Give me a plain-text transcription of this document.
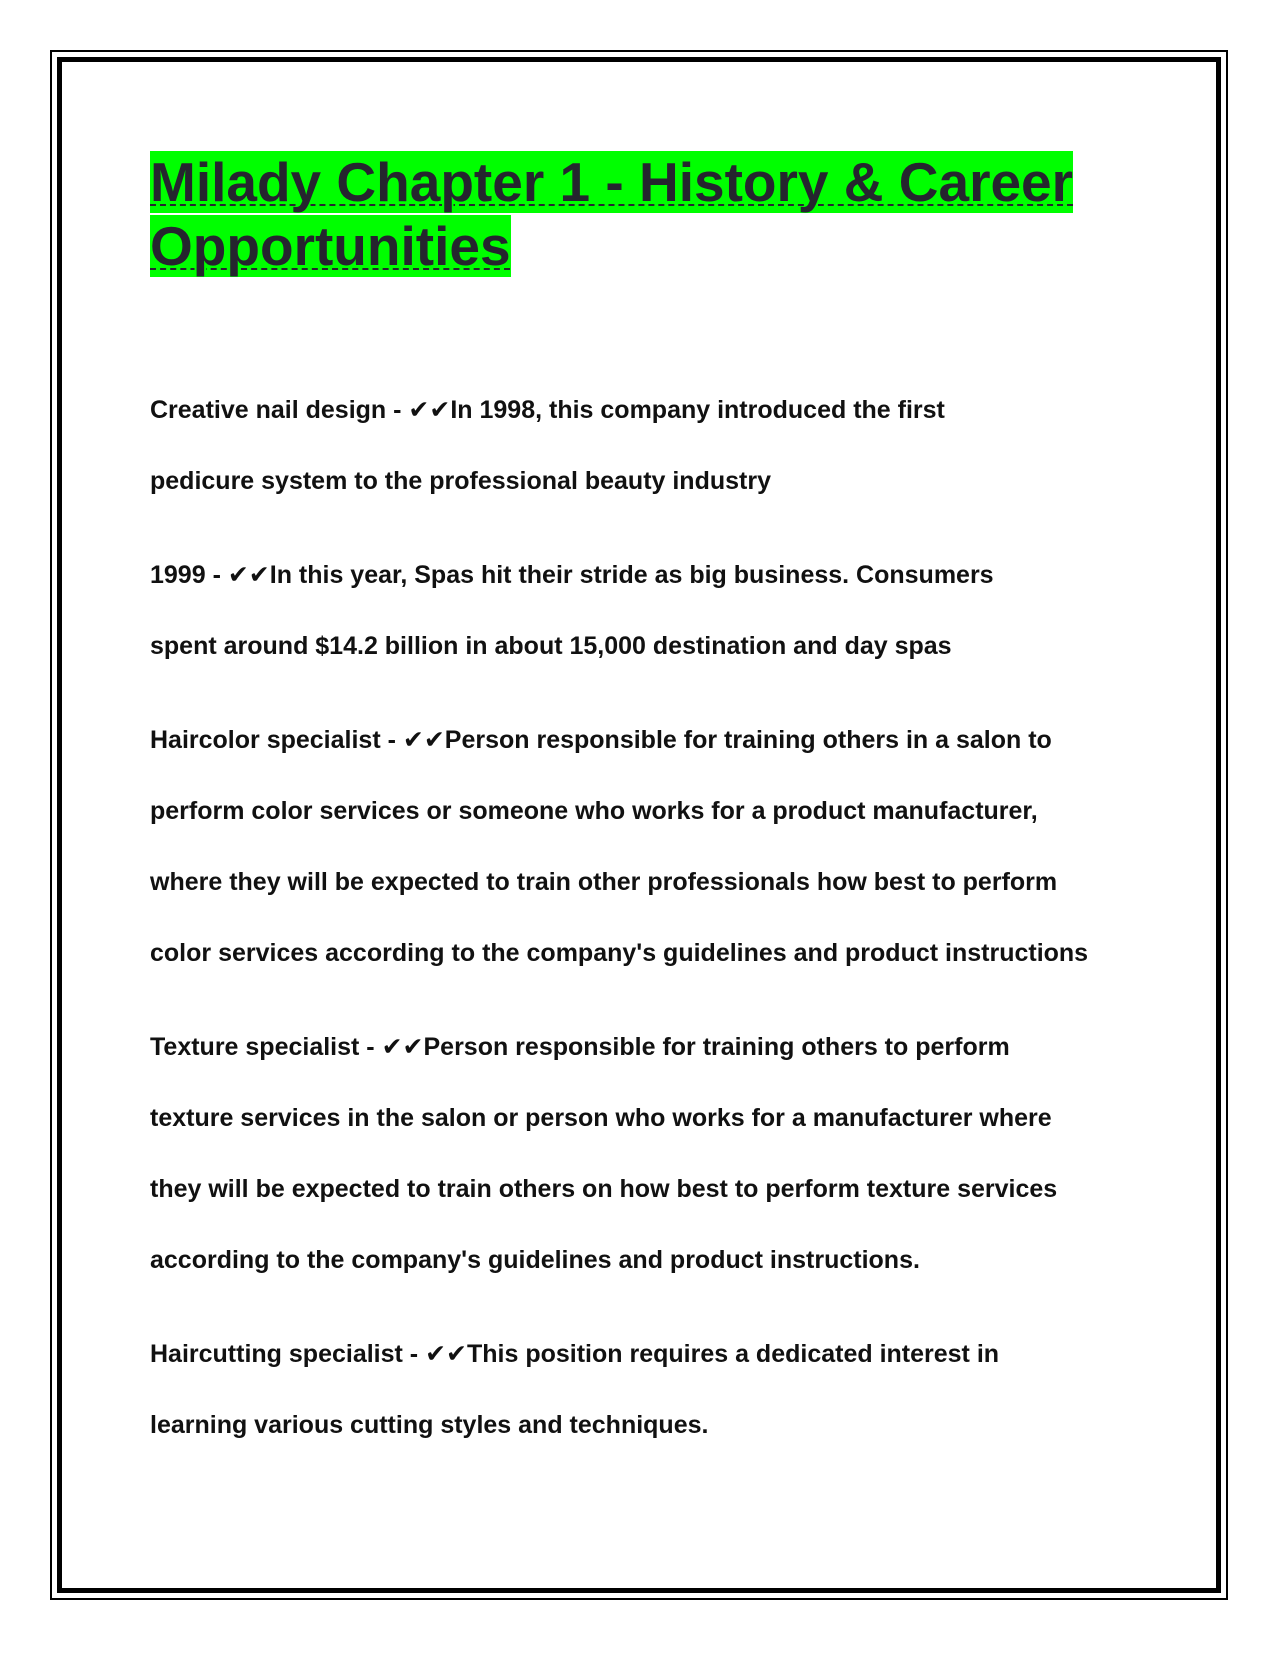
Milady Chapter 1 - History & Career Opportunities

Creative nail design - ✔︎✔︎In 1998, this company introduced the first
pedicure system to the professional beauty industry

1999 - ✔︎✔︎In this year, Spas hit their stride as big business. Consumers
spent around $14.2 billion in about 15,000 destination and day spas

Haircolor specialist - ✔︎✔︎Person responsible for training others in a salon to
perform color services or someone who works for a product manufacturer,
where they will be expected to train other professionals how best to perform
color services according to the company's guidelines and product instructions

Texture specialist - ✔︎✔︎Person responsible for training others to perform
texture services in the salon or person who works for a manufacturer where
they will be expected to train others on how best to perform texture services
according to the company's guidelines and product instructions.

Haircutting specialist - ✔︎✔︎This position requires a dedicated interest in
learning various cutting styles and techniques.
